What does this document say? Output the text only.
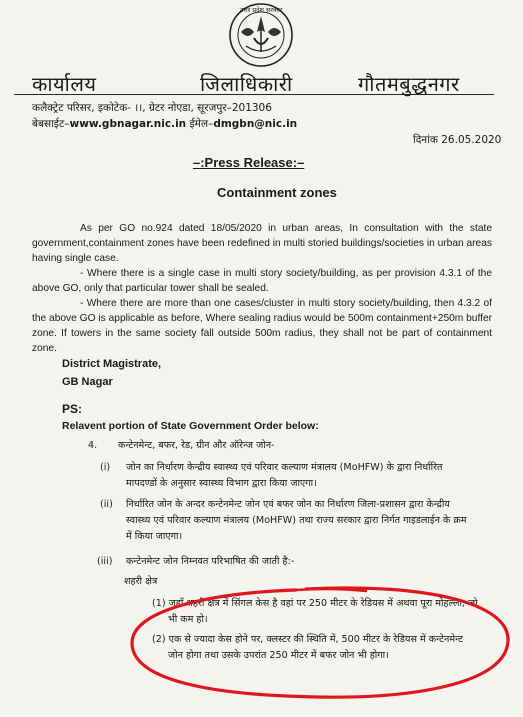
उत्तर प्रदेश सरकार
कार्यालय	जिलाधिकारी	गौतमबुद्धनगर
कलैक्ट्रेट परिसर, इकोटेक- ।।, ग्रेटर नोएडा, सूरजपुर–201306
बेबसाईट–www.gbnagar.nic.in ईमेल–dmgbn@nic.in
दिनांक 26.05.2020
–:Press Release:–
Containment zones
As per GO no.924 dated 18/05/2020 in urban areas, In consultation with the state government,containment zones have been redefined in multi storied buildings/societies in urban areas having single case.
- Where there is a single case in multi story society/building, as per provision 4.3.1 of the above GO, only that particular tower shall be sealed.
- Where there are more than one cases/cluster in multi story society/building, then 4.3.2 of the above GO is applicable as before, Where sealing radius would be 500m containment+250m buffer zone. If towers in the same society fall outside 500m radius, they shall not be part of containment zone.
District Magistrate,
GB Nagar
PS:
Relavent portion of State Government Order below:
4. कन्टेनमेन्ट, बफर, रेड, ग्रीन और ऑरेन्ज जोन-
(i) जोन का निर्धारण केन्द्रीय स्वास्थ्य एवं परिवार कल्याण मंत्रालय (MoHFW) के द्वारा निर्धारित
मापदण्डों के अनुसार स्वास्थ्य विभाग द्वारा किया जाएगा।
(ii) निर्धारित जोन के अन्दर कन्टेनमेन्ट जोन एवं बफर जोन का निर्धारण जिला-प्रशासन द्वारा केन्द्रीय
स्वास्थ्य एवं परिवार कल्याण मंत्रालय (MoHFW) तथा राज्य सरकार द्वारा निर्गत गाइडलाईन के क्रम
में किया जाएगा।
(iii) कन्टेनमेन्ट जोन निम्नवत परिभाषित की जाती है:-
शहरी क्षेत्र
(1) जहाँ शहरी क्षेत्र में सिंगल केस है वहां पर 250 मीटर के रेडियस में अथवा पूरा मोहल्ला, जो
भी कम हो।
(2) एक से ज्यादा केस होने पर, क्लस्टर की स्थिति में, 500 मीटर के रेडियस में कन्टेनमेन्ट
जोन होगा तथा उसके उपरांत 250 मीटर में बफर जोन भी होगा।
